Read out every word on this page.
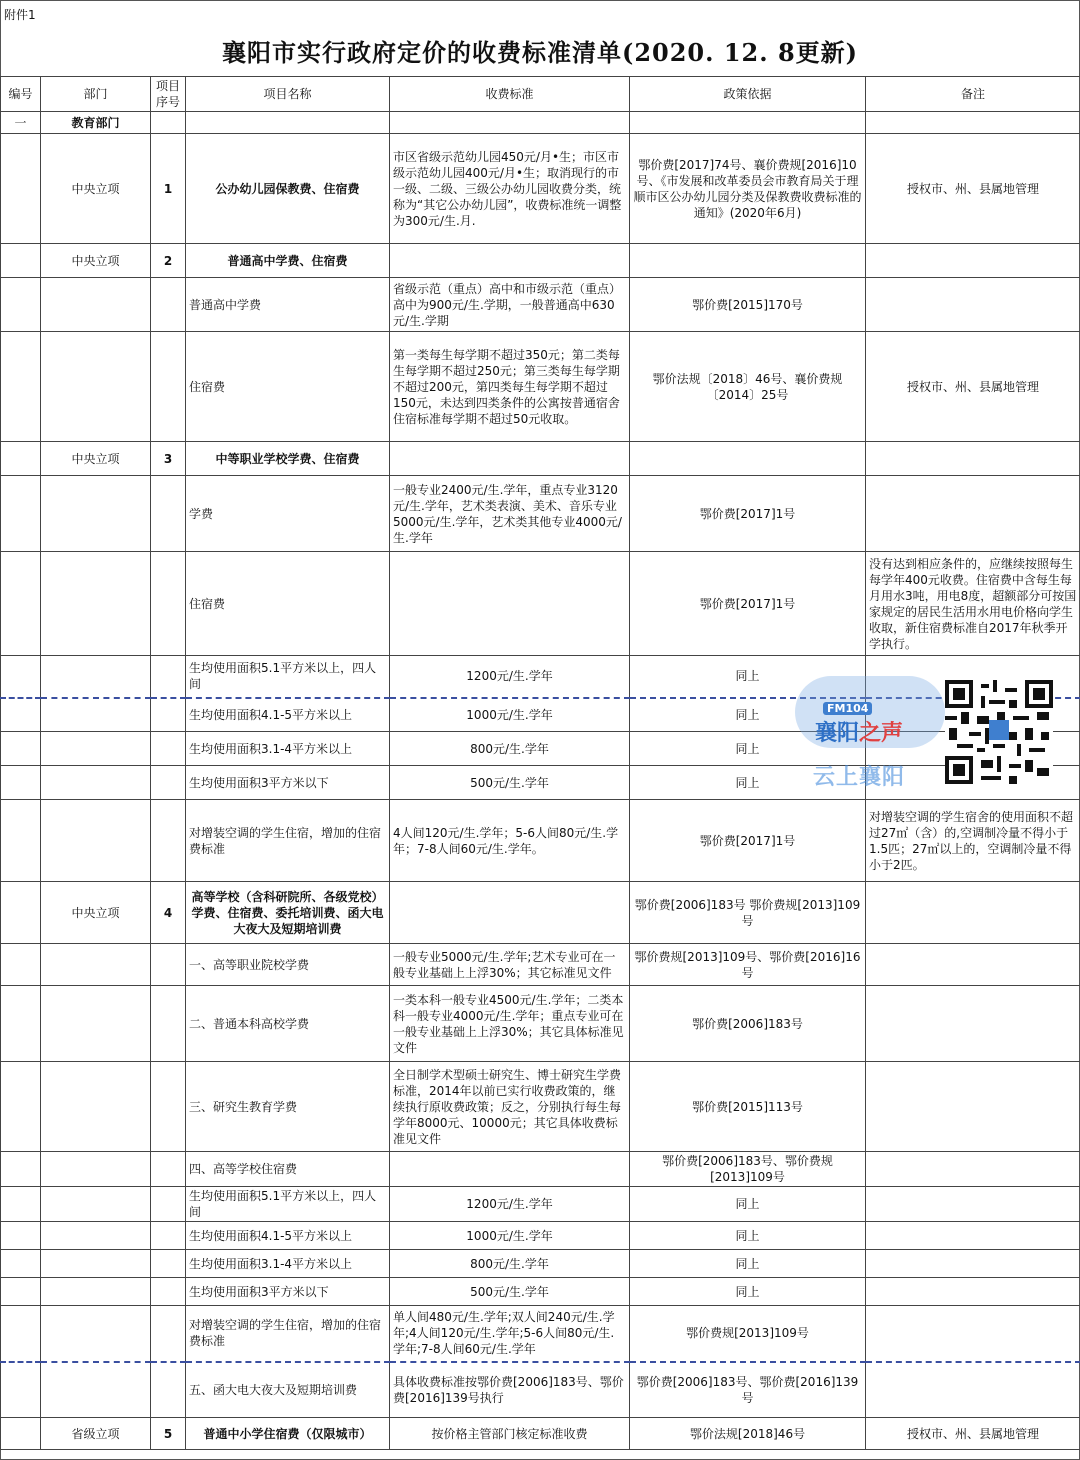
附件1
襄阳市实行政府定价的收费标准清单(2020. 12. 8更新)
编号	部门	项目序号	项目名称	收费标准	政策依据	备注
一	教育部门					
	中央立项	1	公办幼儿园保教费、住宿费	市区省级示范幼儿园450元/月•生；市区市级示范幼儿园400元/月•生；取消现行的市一级、二级、三级公办幼儿园收费分类，统称为“其它公办幼儿园”，收费标准统一调整为300元/生.月.	鄂价费[2017]74号、襄价费规[2016]10号、《市发展和改革委员会市教育局关于理顺市区公办幼儿园分类及保教费收费标准的通知》(2020年6月)	授权市、州、县属地管理
	中央立项	2	普通高中学费、住宿费			
			普通高中学费	省级示范（重点）高中和市级示范（重点）高中为900元/生.学期，一般普通高中630元/生.学期	鄂价费[2015]170号	
			住宿费	第一类每生每学期不超过350元；第二类每生每学期不超过250元；第三类每生每学期不超过200元，第四类每生每学期不超过150元，未达到四类条件的公寓按普通宿舍住宿标准每学期不超过50元收取。	鄂价法规〔2018〕46号、襄价费规〔2014〕25号	授权市、州、县属地管理
	中央立项	3	中等职业学校学费、住宿费			
			学费	一般专业2400元/生.学年，重点专业3120元/生.学年，艺术类表演、美术、音乐专业5000元/生.学年，艺术类其他专业4000元/生.学年	鄂价费[2017]1号	
			住宿费		鄂价费[2017]1号	没有达到相应条件的，应继续按照每生每学年400元收费。住宿费中含每生每月用水3吨，用电8度，超额部分可按国家规定的居民生活用水用电价格向学生收取，新住宿费标准自2017年秋季开学执行。
			生均使用面积5.1平方米以上，四人间	1200元/生.学年	同上	
			生均使用面积4.1-5平方米以上	1000元/生.学年	同上	
			生均使用面积3.1-4平方米以上	800元/生.学年	同上	
			生均使用面积3平方米以下	500元/生.学年	同上	
			对增装空调的学生住宿，增加的住宿费标准	4人间120元/生.学年；5-6人间80元/生.学年；7-8人间60元/生.学年。	鄂价费[2017]1号	对增装空调的学生宿舍的使用面积不超过27㎡（含）的,空调制冷量不得小于1.5匹；27㎡以上的，空调制冷量不得小于2匹。
	中央立项	4	高等学校（含科研院所、各级党校）学费、住宿费、委托培训费、函大电大夜大及短期培训费		鄂价费[2006]183号 鄂价费规[2013]109号	
			一、高等职业院校学费	一般专业5000元/生.学年;艺术专业可在一般专业基础上上浮30%；其它标准见文件	鄂价费规[2013]109号、鄂价费[2016]16号	
			二、普通本科高校学费	一类本科一般专业4500元/生.学年；二类本科一般专业4000元/生.学年；重点专业可在一般专业基础上上浮30%；其它具体标准见文件	鄂价费[2006]183号	
			三、研究生教育学费	全日制学术型硕士研究生、博士研究生学费标准，2014年以前已实行收费政策的，继续执行原收费政策；反之，分别执行每生每学年8000元、10000元；其它具体收费标准见文件	鄂价费[2015]113号	
			四、高等学校住宿费		鄂价费[2006]183号、鄂价费规[2013]109号	
			生均使用面积5.1平方米以上，四人间	1200元/生.学年	同上	
			生均使用面积4.1-5平方米以上	1000元/生.学年	同上	
			生均使用面积3.1-4平方米以上	800元/生.学年	同上	
			生均使用面积3平方米以下	500元/生.学年	同上	
			对增装空调的学生住宿，增加的住宿费标准	单人间480元/生.学年;双人间240元/生.学年;4人间120元/生.学年;5-6人间80元/生.学年;7-8人间60元/生.学年	鄂价费规[2013]109号	
			五、函大电大夜大及短期培训费	具体收费标准按鄂价费[2006]183号、鄂价费[2016]139号执行	鄂价费[2006]183号、鄂价费[2016]139号	
	省级立项	5	普通中小学住宿费（仅限城市）	按价格主管部门核定标准收费	鄂价法规[2018]46号	授权市、州、县属地管理
FM104
襄阳之声
云上襄阳
